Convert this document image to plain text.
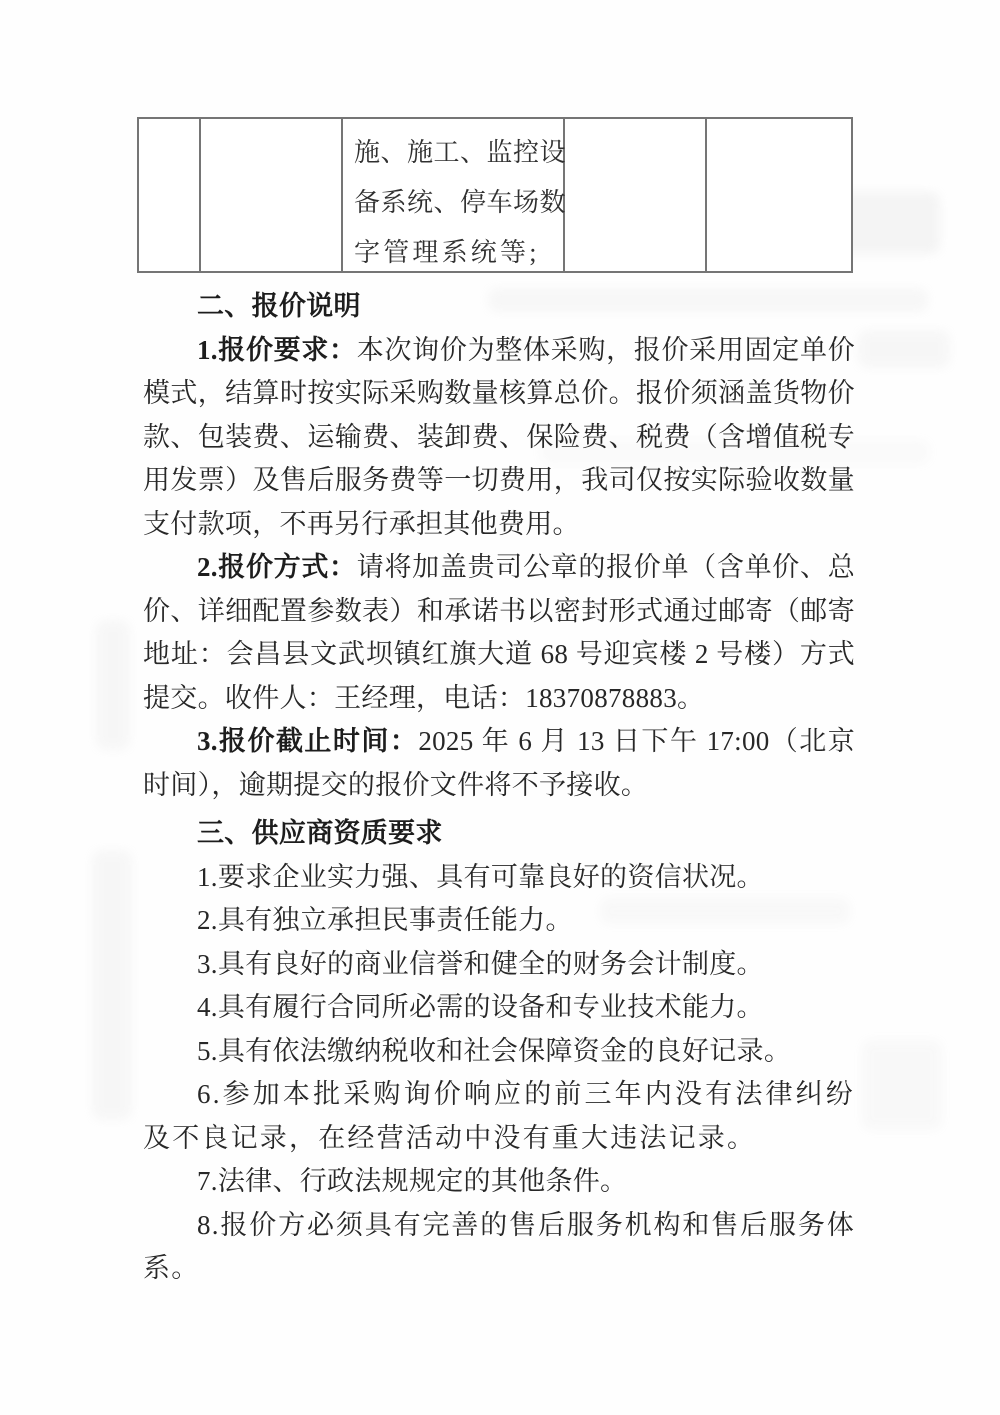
施、施工、监控设
备系统、停车场数
字管理系统等;

二、报价说明

1.报价要求：本次询价为整体采购，报价采用固定单价模式，结算时按实际采购数量核算总价。报价须涵盖货物价款、包装费、运输费、装卸费、保险费、税费（含增值税专用发票）及售后服务费等一切费用，我司仅按实际验收数量支付款项，不再另行承担其他费用。

2.报价方式：请将加盖贵司公章的报价单（含单价、总价、详细配置参数表）和承诺书以密封形式通过邮寄（邮寄地址：会昌县文武坝镇红旗大道 68 号迎宾楼 2 号楼）方式提交。收件人：王经理，电话：18370878883。

3.报价截止时间：2025 年 6 月 13 日下午 17:00（北京时间），逾期提交的报价文件将不予接收。

三、供应商资质要求

1.要求企业实力强、具有可靠良好的资信状况。

2.具有独立承担民事责任能力。

3.具有良好的商业信誉和健全的财务会计制度。

4.具有履行合同所必需的设备和专业技术能力。

5.具有依法缴纳税收和社会保障资金的良好记录。

6.参加本批采购询价响应的前三年内没有法律纠纷及不良记录，在经营活动中没有重大违法记录。

7.法律、行政法规规定的其他条件。

8.报价方必须具有完善的售后服务机构和售后服务体系。
